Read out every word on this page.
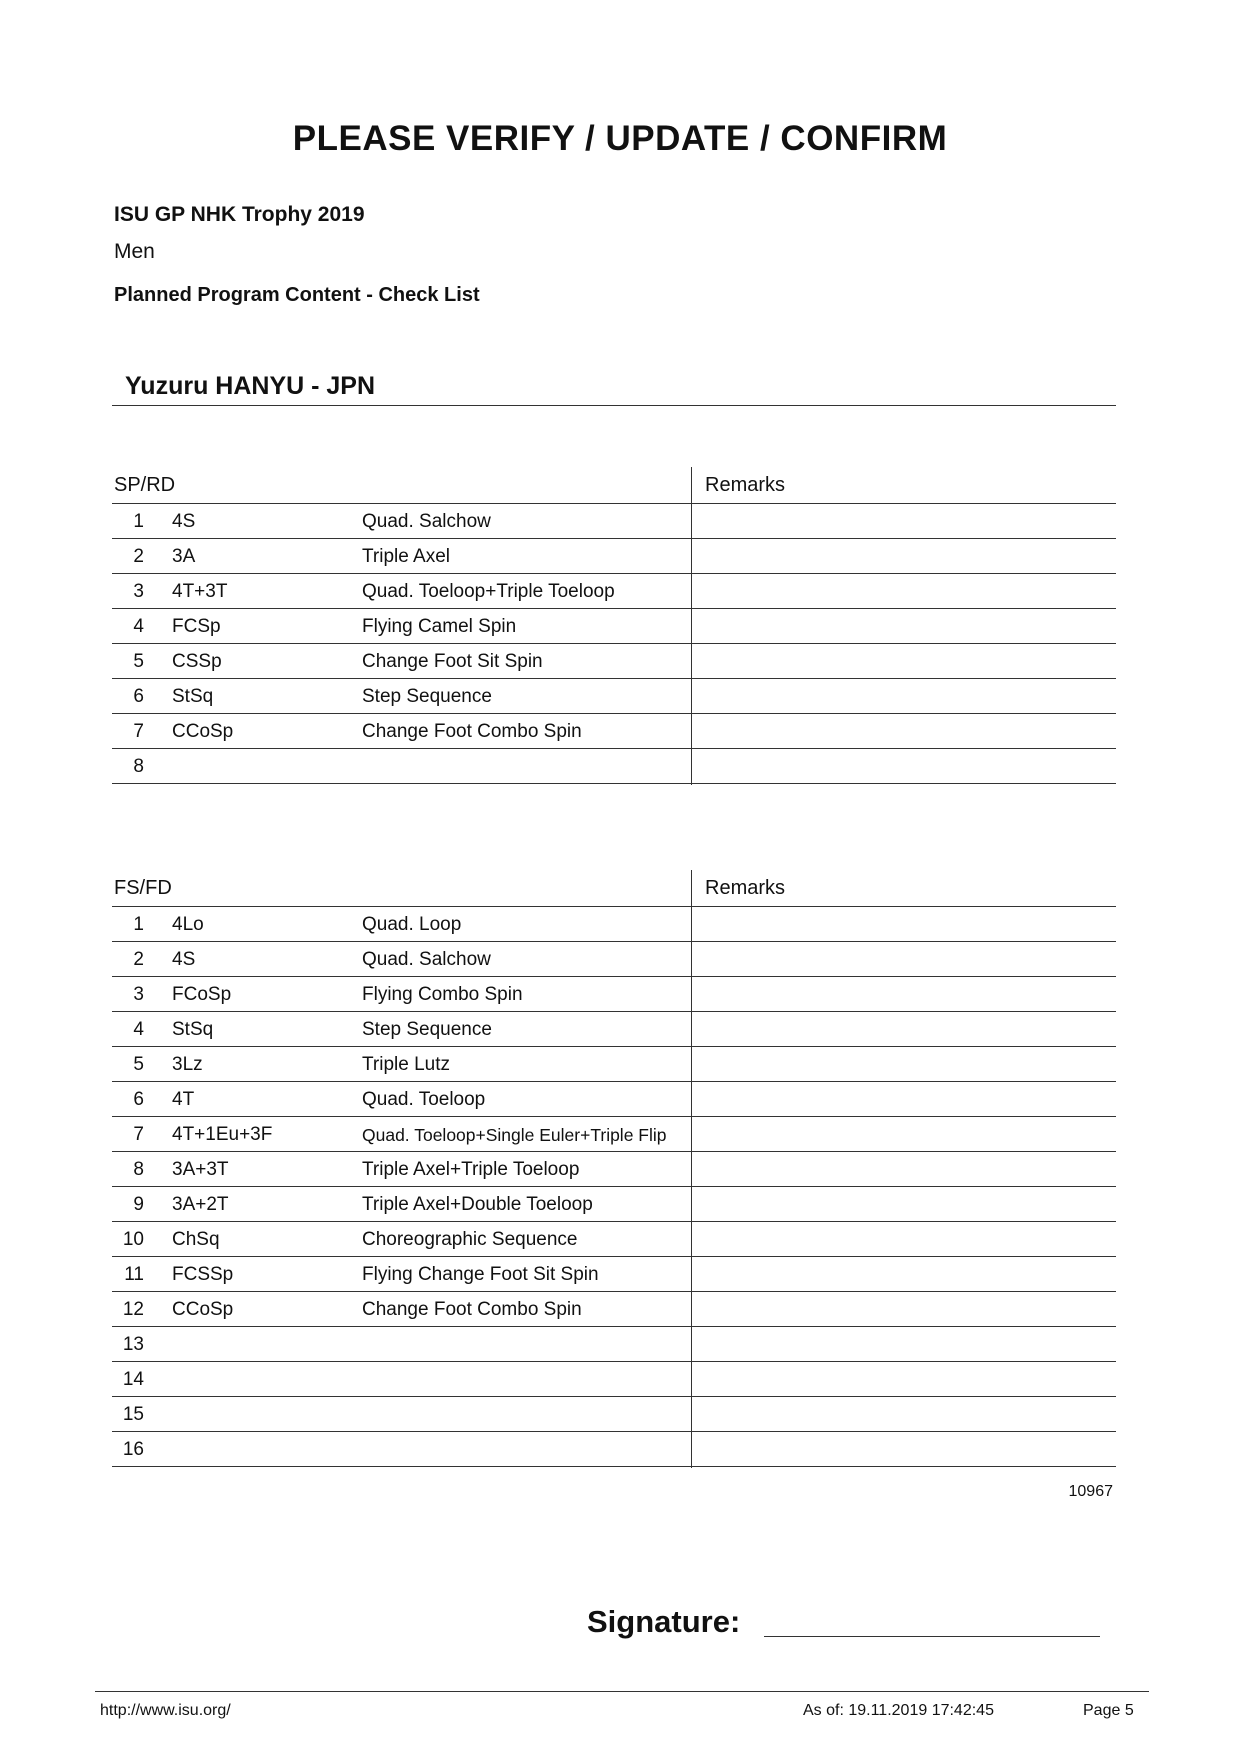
PLEASE VERIFY / UPDATE / CONFIRM
ISU GP NHK Trophy 2019
Men
Planned Program Content - Check List
Yuzuru HANYU - JPN
SP/RD	Remarks
1 4S	Quad. Salchow
2 3A	Triple Axel
3 4T+3T	Quad. Toeloop+Triple Toeloop
4 FCSp	Flying Camel Spin
5 CSSp	Change Foot Sit Spin
6 StSq	Step Sequence
7 CCoSp	Change Foot Combo Spin
8
FS/FD	Remarks
1 4Lo	Quad. Loop
2 4S	Quad. Salchow
3 FCoSp	Flying Combo Spin
4 StSq	Step Sequence
5 3Lz	Triple Lutz
6 4T	Quad. Toeloop
7 4T+1Eu+3F	Quad. Toeloop+Single Euler+Triple Flip
8 3A+3T	Triple Axel+Triple Toeloop
9 3A+2T	Triple Axel+Double Toeloop
10 ChSq	Choreographic Sequence
11 FCSSp	Flying Change Foot Sit Spin
12 CCoSp	Change Foot Combo Spin
13
14
15
16
10967
Signature:
http://www.isu.org/	As of: 19.11.2019 17:42:45	Page 5
